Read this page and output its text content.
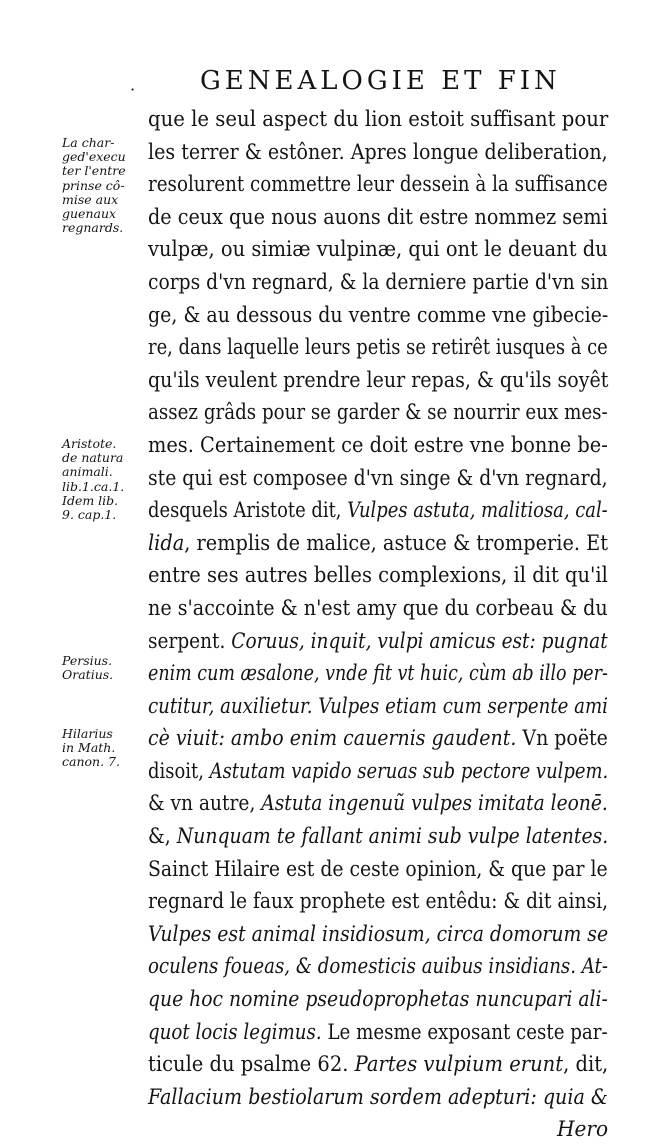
· GENEALOGIE ET FIN
La char-
ged'execu
ter l'entre
prinse cô-
mise aux
guenaux
regnards.
Aristote.
de natura
animali.
lib.1.ca.1.
Idem lib.
9. cap.1.
Persius.
Oratius.
Hilarius
in Math.
canon. 7.
que le seul aspect du lion estoit suffisant pour
les terrer & estôner. Apres longue deliberation,
resolurent commettre leur dessein à la suffisance
de ceux que nous auons dit estre nommez semi
vulpæ, ou simiæ vulpinæ, qui ont le deuant du
corps d'vn regnard, & la derniere partie d'vn sin
ge, & au dessous du ventre comme vne gibecie-
re, dans laquelle leurs petis se retirêt iusques à ce
qu'ils veulent prendre leur repas, & qu'ils soyêt
assez grâds pour se garder & se nourrir eux mes-
mes. Certainement ce doit estre vne bonne be-
ste qui est composee d'vn singe & d'vn regnard,
desquels Aristote dit, Vulpes astuta, malitiosa, cal-
lida, remplis de malice, astuce & tromperie. Et
entre ses autres belles complexions, il dit qu'il
ne s'accointe & n'est amy que du corbeau & du
serpent. Coruus, inquit, vulpi amicus est: pugnat
enim cum æsalone, vnde fit vt huic, cùm ab illo per-
cutitur, auxilietur. Vulpes etiam cum serpente ami
cè viuit: ambo enim cauernis gaudent. Vn poëte
disoit, Astutam vapido seruas sub pectore vulpem.
& vn autre, Astuta ingenuũ vulpes imitata leonē.
&, Nunquam te fallant animi sub vulpe latentes.
Sainct Hilaire est de ceste opinion, & que par le
regnard le faux prophete est entêdu: & dit ainsi,
Vulpes est animal insidiosum, circa domorum se
oculens foueas, & domesticis auibus insidians. At-
que hoc nomine pseudoprophetas nuncupari ali-
quot locis legimus. Le mesme exposant ceste par-
ticule du psalme 62. Partes vulpium erunt, dit,
Fallacium bestiolarum sordem adepturi: quia &
Hero
